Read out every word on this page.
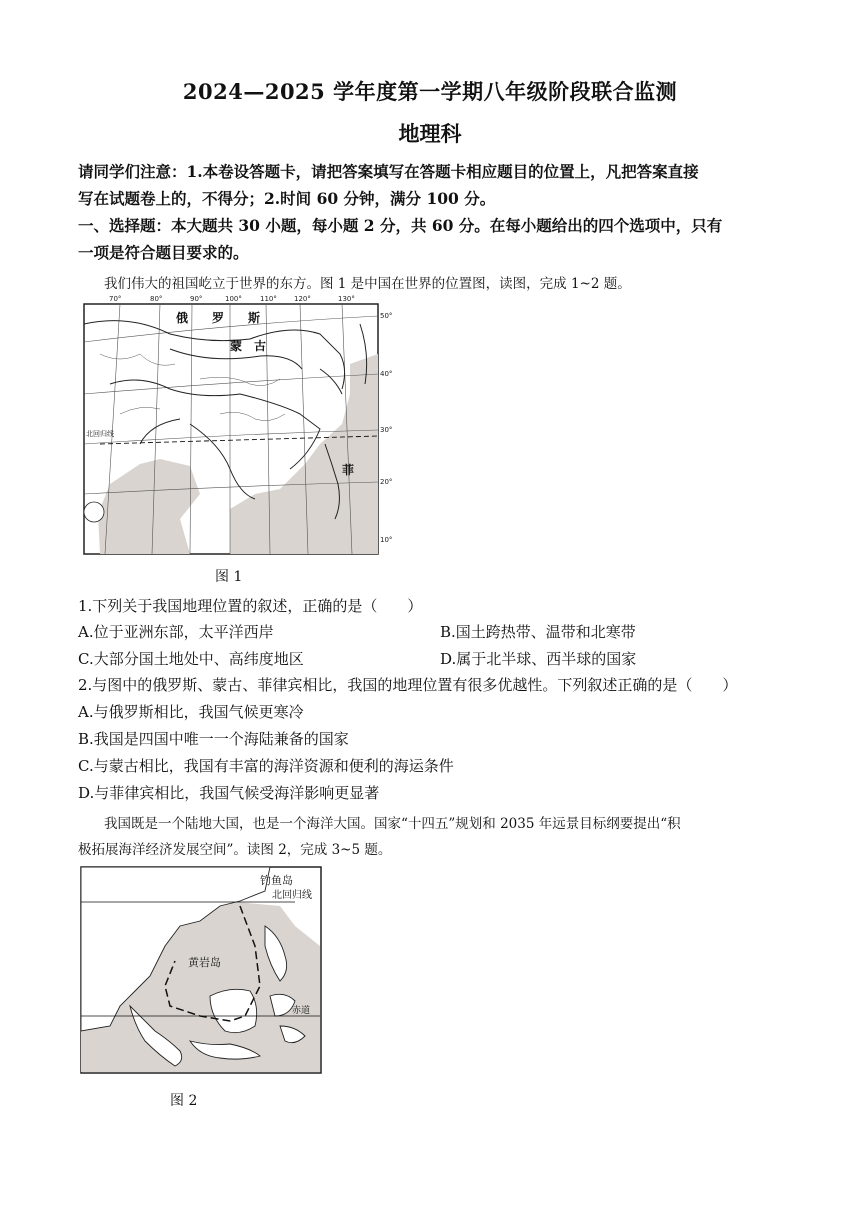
2024—2025 学年度第一学期八年级阶段联合监测
地理科
请同学们注意：1.本卷设答题卡，请把答案填写在答题卡相应题目的位置上，凡把答案直接
写在试题卷上的，不得分；2.时间 60 分钟，满分 100 分。
一、选择题：本大题共 30 小题，每小题 2 分，共 60 分。在每小题给出的四个选项中，只有
一项是符合题目要求的。
我们伟大的祖国屹立于世界的东方。图 1 是中国在世界的位置图，读图，完成 1~2 题。
70°	80°	90°	100°	110° 120°	130°
俄　　罗　　斯
蒙　古
菲
北回归线
50°
40°
30°
20°
10°
图 1
1.下列关于我国地理位置的叙述，正确的是（　　）
A.位于亚洲东部，太平洋西岸	B.国土跨热带、温带和北寒带
C.大部分国土地处中、高纬度地区	D.属于北半球、西半球的国家
2.与图中的俄罗斯、蒙古、菲律宾相比，我国的地理位置有很多优越性。下列叙述正确的是（　　）
A.与俄罗斯相比，我国气候更寒冷
B.我国是四国中唯一一个海陆兼备的国家
C.与蒙古相比，我国有丰富的海洋资源和便利的海运条件
D.与菲律宾相比，我国气候受海洋影响更显著
我国既是一个陆地大国，也是一个海洋大国。国家“十四五”规划和 2035 年远景目标纲要提出“积
极拓展海洋经济发展空间”。读图 2，完成 3~5 题。
钓鱼岛
北回归线
黄岩岛
赤道
图 2
